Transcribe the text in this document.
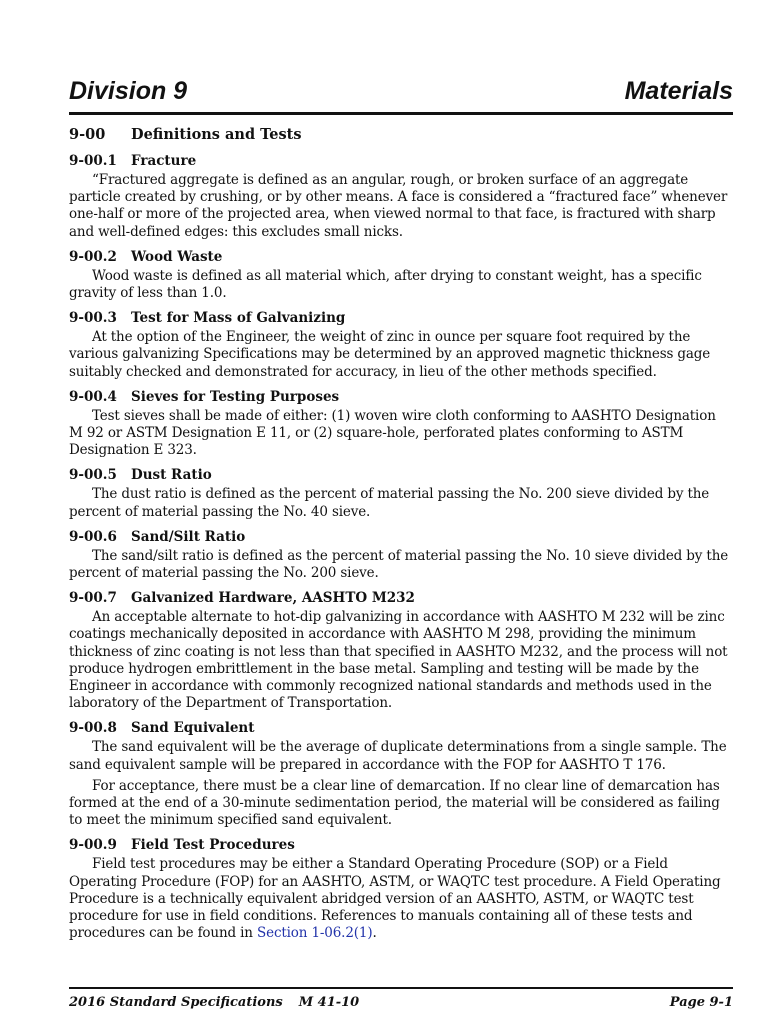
Division 9	Materials
9-00 Definitions and Tests
9-00.1 Fracture

“Fractured aggregate is defined as an angular, rough, or broken surface of an aggregate particle created by crushing, or by other means. A face is considered a “fractured face” whenever one-half or more of the projected area, when viewed normal to that face, is fractured with sharp and well-defined edges: this excludes small nicks.

9-00.2 Wood Waste

Wood waste is defined as all material which, after drying to constant weight, has a specific gravity of less than 1.0.

9-00.3 Test for Mass of Galvanizing

At the option of the Engineer, the weight of zinc in ounce per square foot required by the various galvanizing Specifications may be determined by an approved magnetic thickness gage suitably checked and demonstrated for accuracy, in lieu of the other methods specified.

9-00.4 Sieves for Testing Purposes

Test sieves shall be made of either: (1) woven wire cloth conforming to AASHTO Designation M 92 or ASTM Designation E 11, or (2) square-hole, perforated plates conforming to ASTM Designation E 323.

9-00.5 Dust Ratio

The dust ratio is defined as the percent of material passing the No. 200 sieve divided by the percent of material passing the No. 40 sieve.

9-00.6 Sand/Silt Ratio

The sand/silt ratio is defined as the percent of material passing the No. 10 sieve divided by the percent of material passing the No. 200 sieve.

9-00.7 Galvanized Hardware, AASHTO M232

An acceptable alternate to hot-dip galvanizing in accordance with AASHTO M 232 will be zinc coatings mechanically deposited in accordance with AASHTO M 298, providing the minimum thickness of zinc coating is not less than that specified in AASHTO M232, and the process will not produce hydrogen embrittlement in the base metal. Sampling and testing will be made by the Engineer in accordance with commonly recognized national standards and methods used in the laboratory of the Department of Transportation.

9-00.8 Sand Equivalent

The sand equivalent will be the average of duplicate determinations from a single sample. The sand equivalent sample will be prepared in accordance with the FOP for AASHTO T 176.

For acceptance, there must be a clear line of demarcation. If no clear line of demarcation has formed at the end of a 30-minute sedimentation period, the material will be considered as failing to meet the minimum specified sand equivalent.

9-00.9 Field Test Procedures

Field test procedures may be either a Standard Operating Procedure (SOP) or a Field Operating Procedure (FOP) for an AASHTO, ASTM, or WAQTC test procedure. A Field Operating Procedure is a technically equivalent abridged version of an AASHTO, ASTM, or WAQTC test procedure for use in field conditions. References to manuals containing all of these tests and procedures can be found in Section 1-06.2(1).

2016 Standard Specifications M 41-10	Page 9-1
